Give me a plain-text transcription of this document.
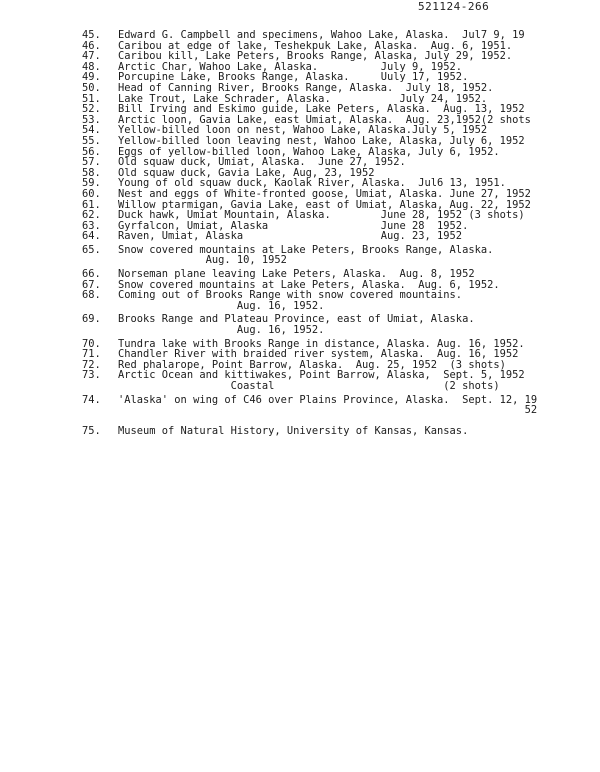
521124-266
45. Edward G. Campbell and specimens, Wahoo Lake, Alaska.  Jul7 9, 19
46. Caribou at edge of lake, Teshekpuk Lake, Alaska.  Aug. 6, 1951.
47. Caribou kill, Lake Peters, Brooks Range, Alaska, July 29, 1952.
48. Arctic Char, Wahoo Lake, Alaska.          July 9, 1952.
49. Porcupine Lake, Brooks Range, Alaska.     Uuly 17, 1952.
50. Head of Canning River, Brooks Range, Alaska.  July 18, 1952.
51. Lake Trout, Lake Schrader, Alaska.           July 24, 1952.
52. Bill Irving and Eskimo guide, Lake Peters, Alaska.  Aug. 13, 1952
53. Arctic loon, Gavia Lake, east Umiat, Alaska.  Aug. 23,1952(2 shots
54. Yellow-billed loon on nest, Wahoo Lake, Alaska.July 5, 1952
55. Yellow-billed loon leaving nest, Wahoo Lake, Alaska, July 6, 1952
56. Eggs of yellow-billed loon, Wahoo Lake, Alaska, July 6, 1952.
57. Old squaw duck, Umiat, Alaska.  June 27, 1952.
58. Old squaw duck, Gavia Lake, Aug, 23, 1952
59. Young of old squaw duck, Kaolak River, Alaska.  Jul6 13, 1951.
60. Nest and eggs of White-fronted goose, Umiat, Alaska. June 27, 1952
61. Willow ptarmigan, Gavia Lake, east of Umiat, Alaska, Aug. 22, 1952
62. Duck hawk, Umiat Mountain, Alaska.        June 28, 1952 (3 shots)
63. Gyrfalcon, Umiat, Alaska                  June 28  1952.
64. Raven, Umiat, Alaska                      Aug. 23, 1952
65. Snow covered mountains at Lake Peters, Brooks Range, Alaska.
Aug. 10, 1952
66. Norseman plane leaving Lake Peters, Alaska.  Aug. 8, 1952
67. Snow covered mountains at Lake Peters, Alaska.  Aug. 6, 1952.
68. Coming out of Brooks Range with snow covered mountains.
Aug. 16, 1952.
69. Brooks Range and Plateau Province, east of Umiat, Alaska.
Aug. 16, 1952.
70. Tundra lake with Brooks Range in distance, Alaska. Aug. 16, 1952.
71. Chandler River with braided river system, Alaska.  Aug. 16, 1952
72. Red phalarope, Point Barrow, Alaska.  Aug. 25, 1952  (3 shots)
73. Arctic Ocean and kittiwakes, Point Barrow, Alaska,  Sept. 5, 1952
Coastal                           (2 shots)
74. 'Alaska' on wing of C46 over Plains Province, Alaska.  Sept. 12, 19
52
75. Museum of Natural History, University of Kansas, Kansas.
